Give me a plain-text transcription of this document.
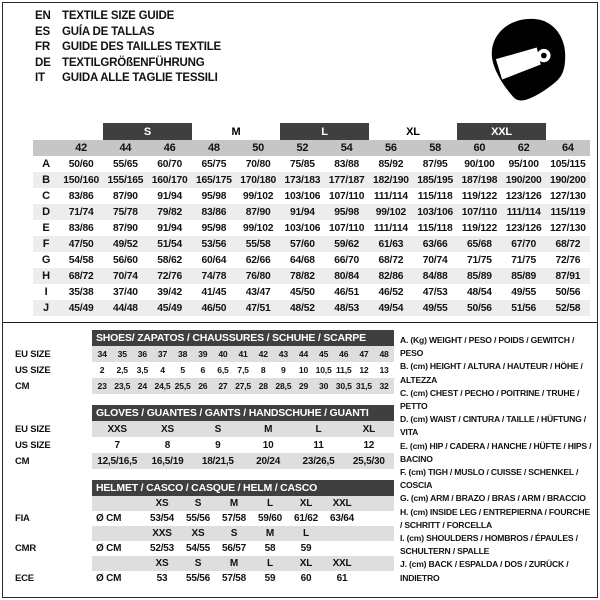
EN TEXTILE SIZE GUIDE
ES	GUÍA DE TALLAS
FR	GUIDE DES TAILLES TEXTILE
DE TEXTILGRÖßENFÜHRUNG
IT	GUIDA ALLE TAGLIE TESSILI
		S		M		L		XL		XXL		
	42	44	46	48	50	52	54	56	58	60	62	64
A	50/60	55/65	60/70	65/75	70/80	75/85	83/88	85/92	87/95	90/100	95/100	105/115
B	150/160	155/165	160/170	165/175	170/180	173/183	177/187	182/190	185/195	187/198	190/200	190/200
C	83/86	87/90	91/94	95/98	99/102	103/106	107/110	111/114	115/118	119/122	123/126	127/130
D	71/74	75/78	79/82	83/86	87/90	91/94	95/98	99/102	103/106	107/110	111/114	115/119
E	83/86	87/90	91/94	95/98	99/102	103/106	107/110	111/114	115/118	119/122	123/126	127/130
F	47/50	49/52	51/54	53/56	55/58	57/60	59/62	61/63	63/66	65/68	67/70	68/72
G	54/58	56/60	58/62	60/64	62/66	64/68	66/70	68/72	70/74	71/75	71/75	72/76
H	68/72	70/74	72/76	74/78	76/80	78/82	80/84	82/86	84/88	85/89	85/89	87/91
I	35/38	37/40	39/42	41/45	43/47	45/50	46/51	46/52	47/53	48/54	49/55	50/56
J	45/49	44/48	45/49	46/50	47/51	48/52	48/53	49/54	49/55	50/56	51/56	52/58
SHOES/ ZAPATOS / CHAUSSURES / SCHUHE / SCARPE
EU SIZE	34	35	36	37	38	39	40	41	42	43	44	45	46	47	48
US SIZE	2	2,5	3,5	4	5	6	6,5	7,5	8	9	10 10,5 11,5 12	13
CM	23 23,5 24 24,5 25,5 26	27 27,5 28 28,5 29	30 30,5 31,5 32
GLOVES / GUANTES / GANTS / HANDSCHUHE / GUANTI
EU SIZE	XXS	XS	S	M	L	XL
US SIZE	7	8	9	10	11	12
CM	12,5/16,5	16,5/19	18/21,5	20/24	23/26,5	25,5/30
HELMET / CASCO / CASQUE / HELM / CASCO
XS	S	M	L	XL	XXL
FIA	Ø CM	53/54	55/56	57/58	59/60	61/62	63/64
XXS	XS	S	M	L
CMR	Ø CM	52/53	54/55	56/57	58	59
XS	S	M	L	XL	XXL
ECE	Ø CM	53	55/56	57/58	59	60	61
A. (Kg) WEIGHT / PESO / POIDS / GEWITCH / PESO
B. (cm) HEIGHT / ALTURA / HAUTEUR / HÖHE / ALTEZZA
C. (cm) CHEST / PECHO / POITRINE / TRUHE / PETTO
D. (cm) WAIST / CINTURA / TAILLE / HÜFTUNG / VITA
E. (cm) HIP / CADERA / HANCHE / HÜFTE / HIPS / BACINO
F. (cm) TIGH / MUSLO / CUISSE / SCHENKEL / COSCIA
G. (cm) ARM / BRAZO / BRAS / ARM / BRACCIO
H. (cm) INSIDE LEG / ENTREPIERNA / FOURCHE / SCHRITT / FORCELLA
I. (cm) SHOULDERS / HOMBROS / ÉPAULES / SCHULTERN / SPALLE
J. (cm) BACK / ESPALDA / DOS / ZURÜCK / INDIETRO
